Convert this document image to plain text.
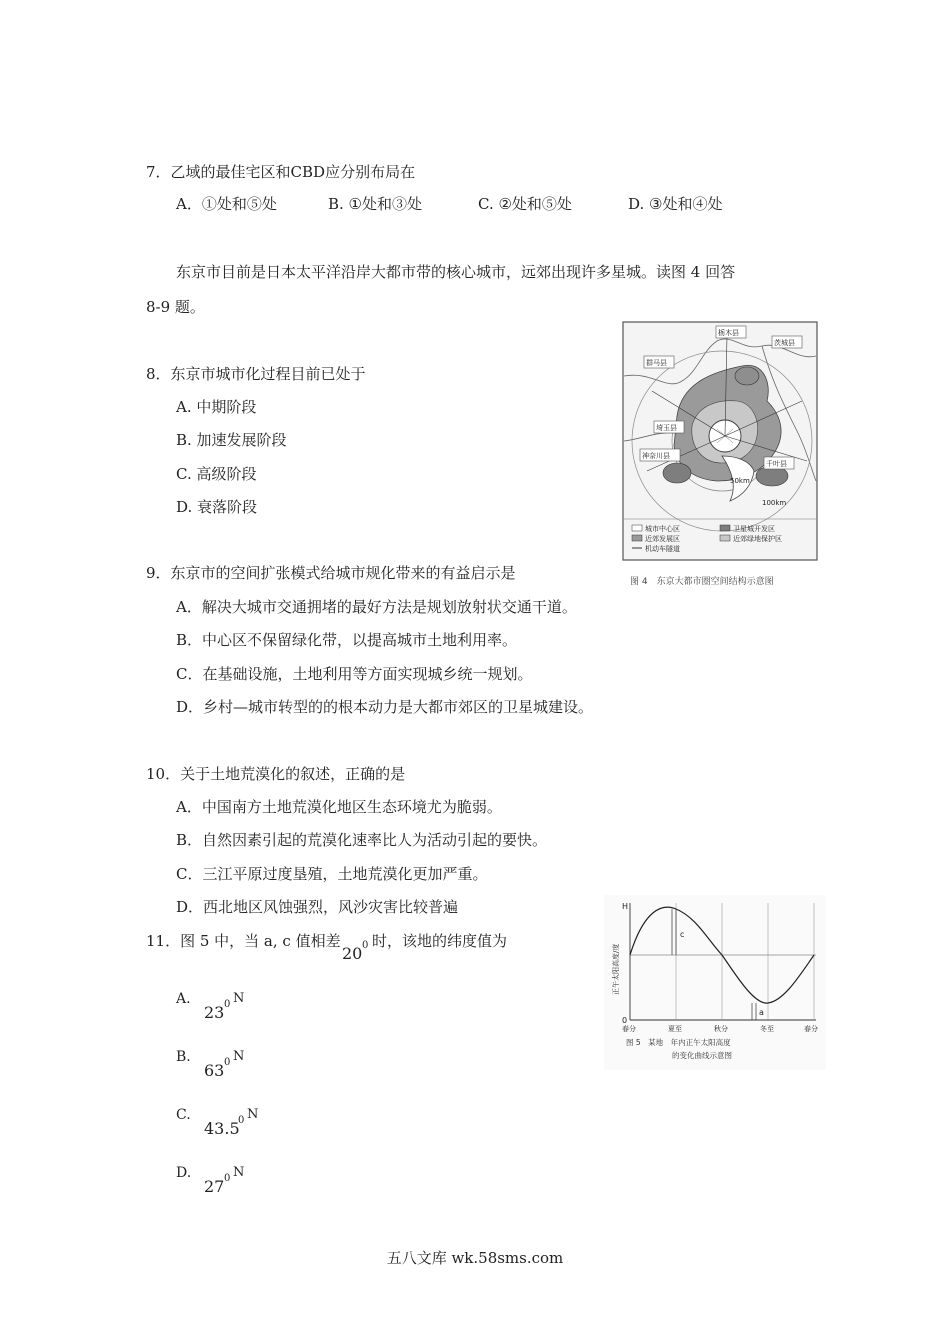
7．乙域的最佳宅区和CBD应分别布局在
A．①处和⑤处	B. ①处和③处	C. ②处和⑤处	D. ③处和④处
东京市目前是日本太平洋沿岸大都市带的核心城市，远郊出现许多星城。读图 4 回答
8-9 题。
8．东京市城市化过程目前已处于
A. 中期阶段
B. 加速发展阶段
C. 高级阶段
D. 衰落阶段
群马县
栃木县
茨城县
埼玉县
神奈川县
千叶县
50km
100km
城市中心区	卫星城开发区
近郊发展区	近郊绿地保护区
机动车隧道
图 4　东京大都市圈空间结构示意图
9．东京市的空间扩张模式给城市规化带来的有益启示是
A．解决大城市交通拥堵的最好方法是规划放射状交通干道。
B．中心区不保留绿化带，以提高城市土地利用率。
C．在基础设施，土地利用等方面实现城乡统一规划。
D．乡村—城市转型的的根本动力是大都市郊区的卫星城建设。
10．关于土地荒漠化的叙述，正确的是
A．中国南方土地荒漠化地区生态环境尤为脆弱。
B．自然因素引起的荒漠化速率比人为活动引起的要快。
C．三江平原过度垦殖，土地荒漠化更加严重。
D．西北地区风蚀强烈，风沙灾害比较普遍
11．图 5 中，当 a, c 值相差
20 0 时，该地的纬度值为
A.
23 0 N
B.
63 0 N
C.
43.5
0 N
D.
27 0 N
c
a
H
0
正午太阳高度/度
春分	夏至	秋分	冬至	春分
图 5　某地　年内正午太阳高度
的变化曲线示意图
五八文库 wk.58sms.com
